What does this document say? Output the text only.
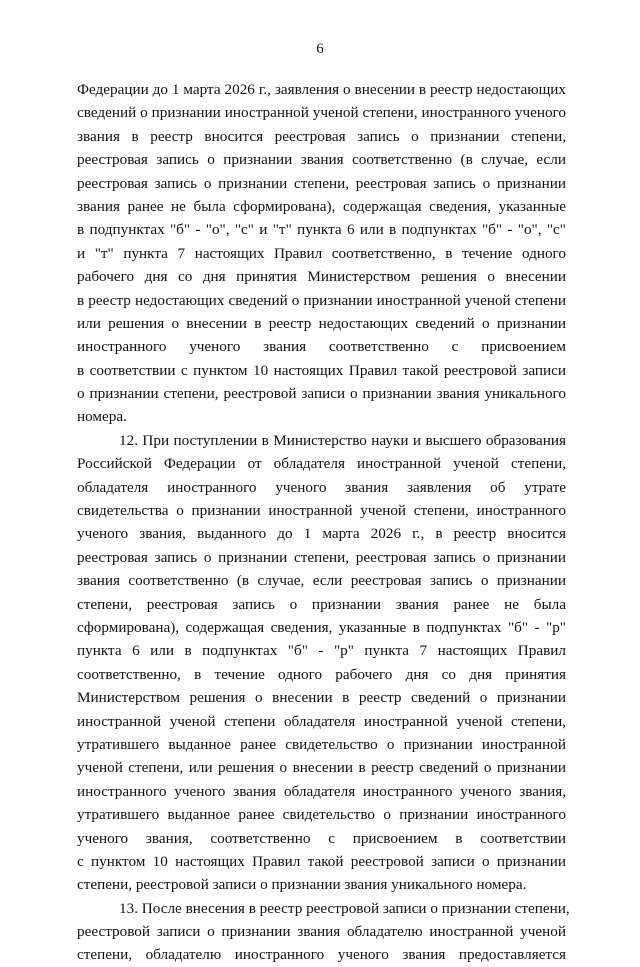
6
Федерации до 1 марта 2026 г., заявления о внесении в реестр недостающих
сведений о признании иностранной ученой степени, иностранного ученого
звания в реестр вносится реестровая запись о признании степени,
реестровая запись о признании звания соответственно (в случае, если
реестровая запись о признании степени, реестровая запись о признании
звания ранее не была сформирована), содержащая сведения, указанные
в подпунктах "б" - "о", "с" и "т" пункта 6 или в подпунктах "б" - "о", "с"
и "т" пункта 7 настоящих Правил соответственно, в течение одного
рабочего дня со дня принятия Министерством решения о внесении
в реестр недостающих сведений о признании иностранной ученой степени
или решения о внесении в реестр недостающих сведений о признании
иностранного ученого звания соответственно с присвоением
в соответствии с пунктом 10 настоящих Правил такой реестровой записи
о признании степени, реестровой записи о признании звания уникального
номера.
12. При поступлении в Министерство науки и высшего образования
Российской Федерации от обладателя иностранной ученой степени,
обладателя иностранного ученого звания заявления об утрате
свидетельства о признании иностранной ученой степени, иностранного
ученого звания, выданного до 1 марта 2026 г., в реестр вносится
реестровая запись о признании степени, реестровая запись о признании
звания соответственно (в случае, если реестровая запись о признании
степени, реестровая запись о признании звания ранее не была
сформирована), содержащая сведения, указанные в подпунктах "б" - "р"
пункта 6 или в подпунктах "б" - "р" пункта 7 настоящих Правил
соответственно, в течение одного рабочего дня со дня принятия
Министерством решения о внесении в реестр сведений о признании
иностранной ученой степени обладателя иностранной ученой степени,
утратившего выданное ранее свидетельство о признании иностранной
ученой степени, или решения о внесении в реестр сведений о признании
иностранного ученого звания обладателя иностранного ученого звания,
утратившего выданное ранее свидетельство о признании иностранного
ученого звания, соответственно с присвоением в соответствии
с пунктом 10 настоящих Правил такой реестровой записи о признании
степени, реестровой записи о признании звания уникального номера.
13. После внесения в реестр реестровой записи о признании степени,
реестровой записи о признании звания обладателю иностранной ученой
степени, обладателю иностранного ученого звания предоставляется
